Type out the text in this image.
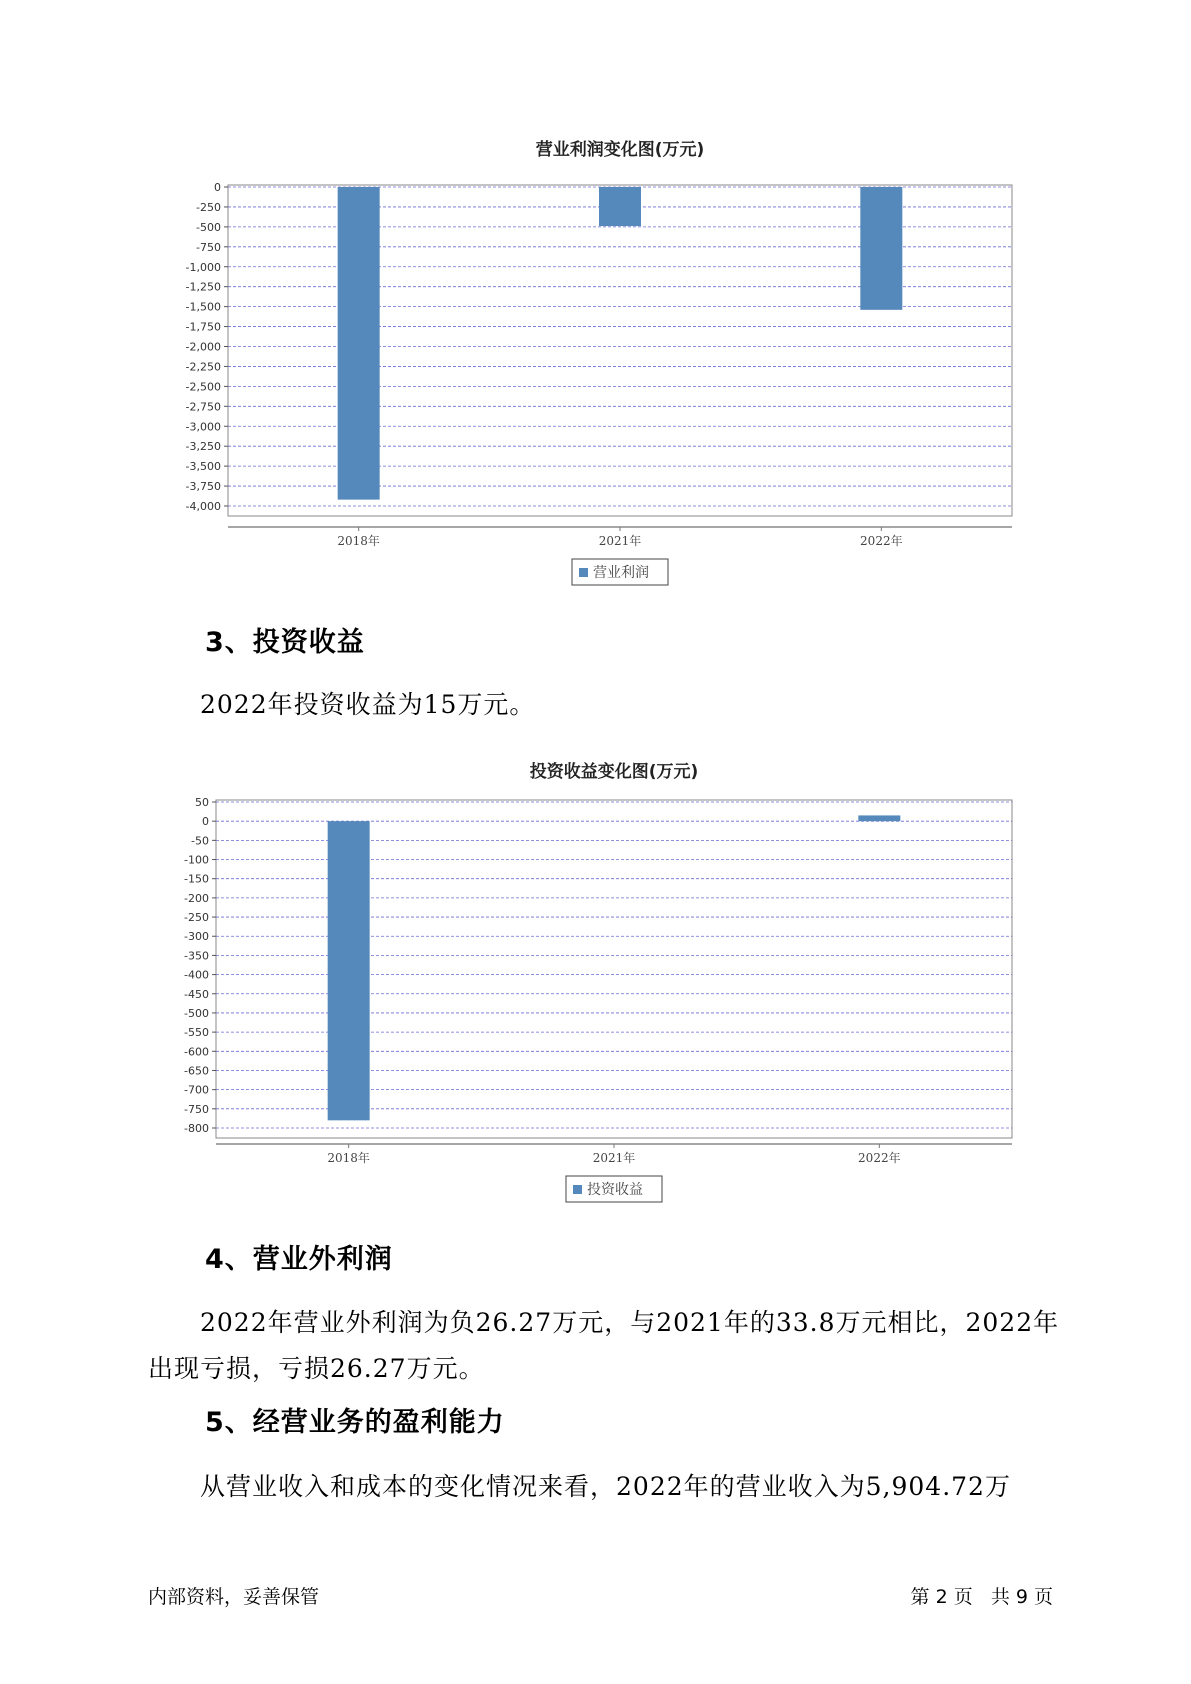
营业利润变化图(万元)
0
-250
-500
-750
-1,000
-1,250
-1,500
-1,750
-2,000
-2,250
-2,500
-2,750
-3,000
-3,250
-3,500
-3,750
-4,000
2018年	2021年	2022年
营业利润
3、投资收益

2022年投资收益为15万元。

投资收益变化图(万元)
50
0
-50
-100
-150
-200
-250
-300
-350
-400
-450
-500
-550
-600
-650
-700
-750
-800
2018年	2021年	2022年
投资收益
4、营业外利润

2022年营业外利润为负26.27万元，与2021年的33.8万元相比，2022年出现亏损，亏损26.27万元。

5、经营业务的盈利能力

从营业收入和成本的变化情况来看，2022年的营业收入为5,904.72万

内部资料，妥善保管	第 2 页   共 9 页
